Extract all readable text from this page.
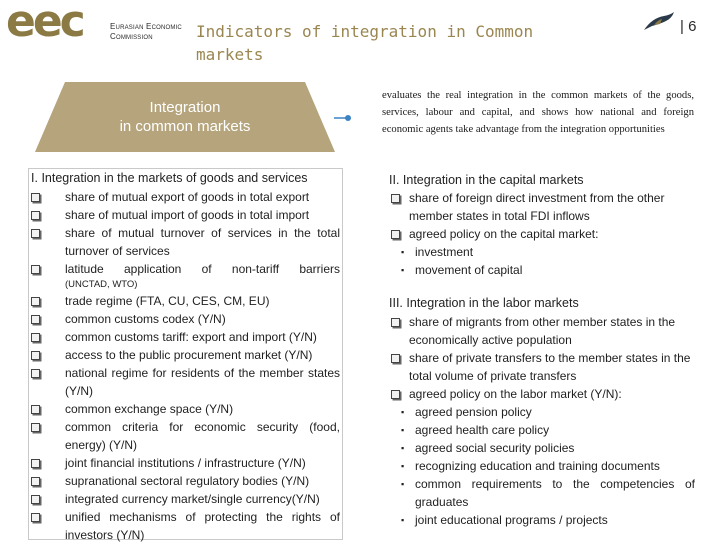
eec	Eurasian Economic
Commission	Indicators of integration in Common markets
| 6
Integration
in common markets
evaluates the real integration in the common markets of the goods, services, labour and capital, and shows how national and foreign economic agents take advantage from the integration opportunities
I. Integration in the markets of goods and services
share of mutual export of goods in total export
share of mutual import of goods in total import
share of mutual turnover of services in the total turnover of services
latitude application of non-tariff barriers
(UNCTAD, WTO)
trade regime (FTA, CU, CES, CM, EU)
common customs codex (Y/N)
common customs tariff: export and import (Y/N)
access to the public procurement market (Y/N)
national regime for residents of the member states (Y/N)
common exchange space (Y/N)
common criteria for economic security (food, energy) (Y/N)
joint financial institutions / infrastructure (Y/N)
supranational sectoral regulatory bodies (Y/N)
integrated currency market/single currency(Y/N)
unified mechanisms of protecting the rights of investors (Y/N)
II. Integration in the capital markets
share of foreign direct investment from the other member states in total FDI inflows
agreed policy on the capital market:
▪ investment
▪ movement of capital
III. Integration in the labor markets
share of migrants from other member states in the economically active population
share of private transfers to the member states in the total volume of private transfers
agreed policy on the labor market (Y/N):
▪ agreed pension policy
▪ agreed health care policy
▪ agreed social security policies
▪ recognizing education and training documents
▪ common requirements to the competencies of graduates
▪ joint educational programs / projects
